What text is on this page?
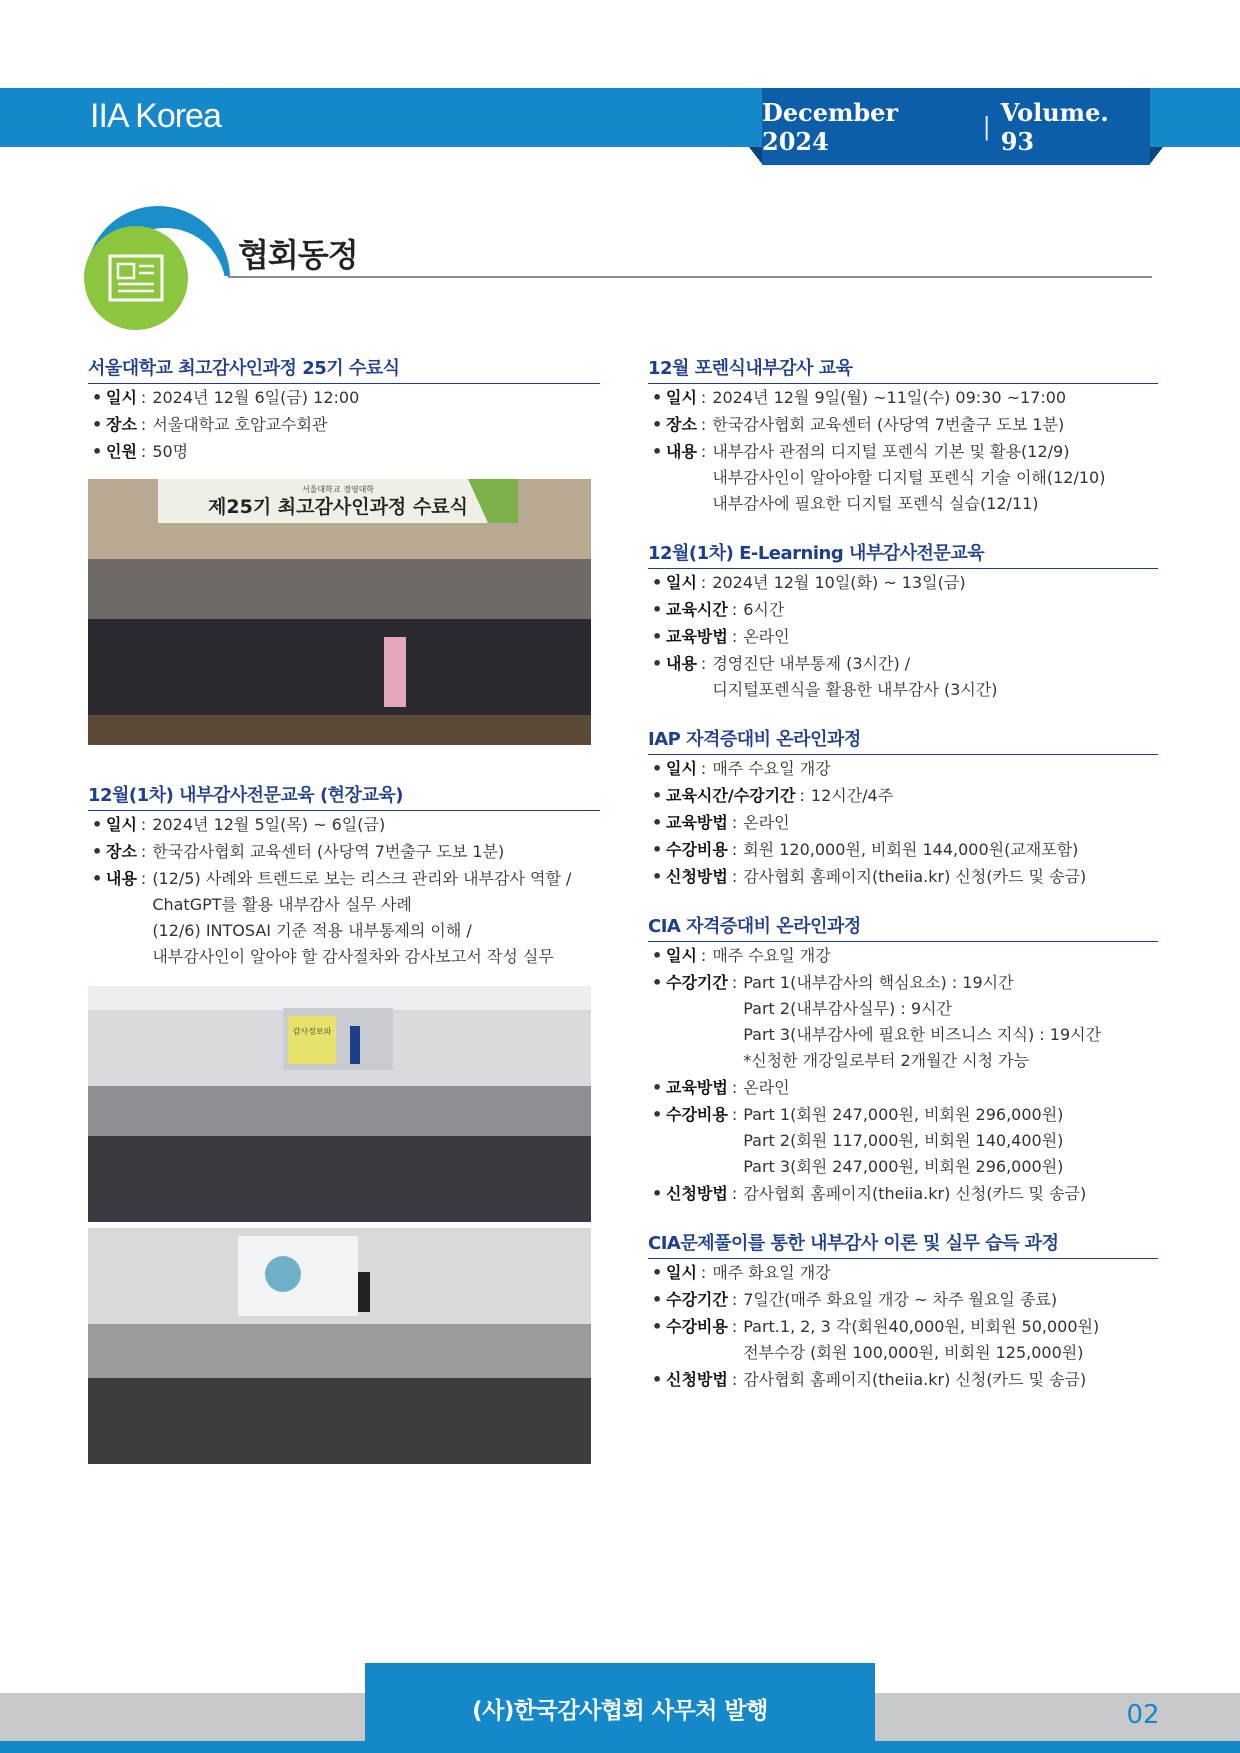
IIA Korea	December 2024	| Volume. 93
협회동정
서울대학교 최고감사인과정 25기 수료식
• 일시 : 2024년 12월 6일(금) 12:00
• 장소 : 서울대학교 호암교수회관
• 인원 : 50명
서울대학교 경영대학
제25기 최고감사인과정 수료식
12월(1차) 내부감사전문교육 (현장교육)
• 일시 : 2024년 12월 5일(목) ~ 6일(금)
• 장소 : 한국감사협회 교육센터 (사당역 7번출구 도보 1분)
• 내용 : (12/5) 사례와 트렌드로 보는 리스크 관리와 내부감사 역할 /
ChatGPT를 활용 내부감사 실무 사례
(12/6) INTOSAI 기준 적용 내부통제의 이해 /
내부감사인이 알아야 할 감사절차와 감사보고서 작성 실무
감사정보와
12월 포렌식내부감사 교육
• 일시 : 2024년 12월 9일(월) ~11일(수) 09:30 ~17:00
• 장소 : 한국감사협회 교육센터 (사당역 7번출구 도보 1분)
• 내용 : 내부감사 관점의 디지털 포렌식 기본 및 활용(12/9)
내부감사인이 알아야할 디지털 포렌식 기술 이해(12/10)
내부감사에 필요한 디지털 포렌식 실습(12/11)
12월(1차) E-Learning 내부감사전문교육
• 일시 : 2024년 12월 10일(화) ~ 13일(금)
• 교육시간 : 6시간
• 교육방법 : 온라인
• 내용 : 경영진단 내부통제 (3시간) /
디지털포렌식을 활용한 내부감사 (3시간)
IAP 자격증대비 온라인과정
• 일시 : 매주 수요일 개강
• 교육시간/수강기간 : 12시간/4주
• 교육방법 : 온라인
• 수강비용 : 회원 120,000원, 비회원 144,000원(교재포함)
• 신청방법 : 감사협회 홈페이지(theiia.kr) 신청(카드 및 송금)
CIA 자격증대비 온라인과정
• 일시 : 매주 수요일 개강
• 수강기간 : Part 1(내부감사의 핵심요소) : 19시간
Part 2(내부감사실무) : 9시간
Part 3(내부감사에 필요한 비즈니스 지식) : 19시간
*신청한 개강일로부터 2개월간 시청 가능
• 교육방법 : 온라인
• 수강비용 : Part 1(회원 247,000원, 비회원 296,000원)
Part 2(회원 117,000원, 비회원 140,400원)
Part 3(회원 247,000원, 비회원 296,000원)
• 신청방법 : 감사협회 홈페이지(theiia.kr) 신청(카드 및 송금)
CIA문제풀이를 통한 내부감사 이론 및 실무 습득 과정
• 일시 : 매주 화요일 개강
• 수강기간 : 7일간(매주 화요일 개강 ~ 차주 월요일 종료)
• 수강비용 : Part.1, 2, 3 각(회원40,000원, 비회원 50,000원)
전부수강 (회원 100,000원, 비회원 125,000원)
• 신청방법 : 감사협회 홈페이지(theiia.kr) 신청(카드 및 송금)
(사)한국감사협회 사무처 발행	02
